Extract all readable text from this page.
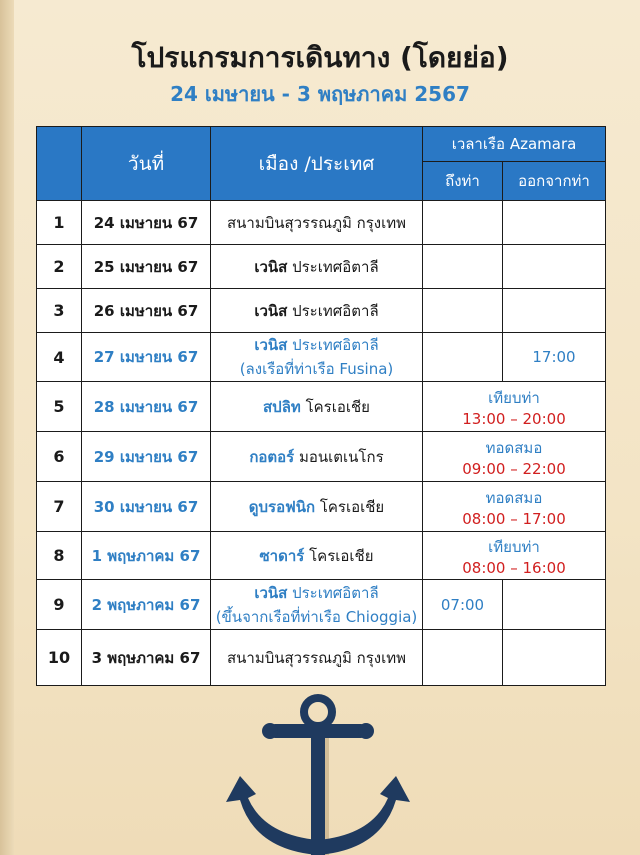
โปรแกรมการเดินทาง (โดยย่อ)
24 เมษายน - 3 พฤษภาคม 2567
	วันที่	เมือง /ประเทศ	เวลาเรือ Azamara	
			ถึงท่า	ออกจากท่า
1	24 เมษายน 67	สนามบินสุวรรณภูมิ กรุงเทพ		

2	25 เมษายน 67	เวนิส ประเทศอิตาลี		

3	26 เมษายน 67	เวนิส ประเทศอิตาลี		

4	27 เมษายน 67	เวนิส ประเทศอิตาลี
(ลงเรือที่ท่าเรือ Fusina)		17:00
5	28 เมษายน 67	สปลิท โครเอเชีย	เทียบท่า
13:00 – 20:00	

6	29 เมษายน 67	กอตอร์ มอนเตเนโกร	ทอดสมอ
09:00 – 22:00	

7	30 เมษายน 67	ดูบรอฟนิก โครเอเชีย	ทอดสมอ
08:00 – 17:00	

8	1 พฤษภาคม 67	ซาดาร์ โครเอเชีย	เทียบท่า
08:00 – 16:00	

9	2 พฤษภาคม 67	เวนิส ประเทศอิตาลี
(ขึ้นจากเรือที่ท่าเรือ Chioggia)	07:00	
10	3 พฤษภาคม 67	สนามบินสุวรรณภูมิ กรุงเทพ		
